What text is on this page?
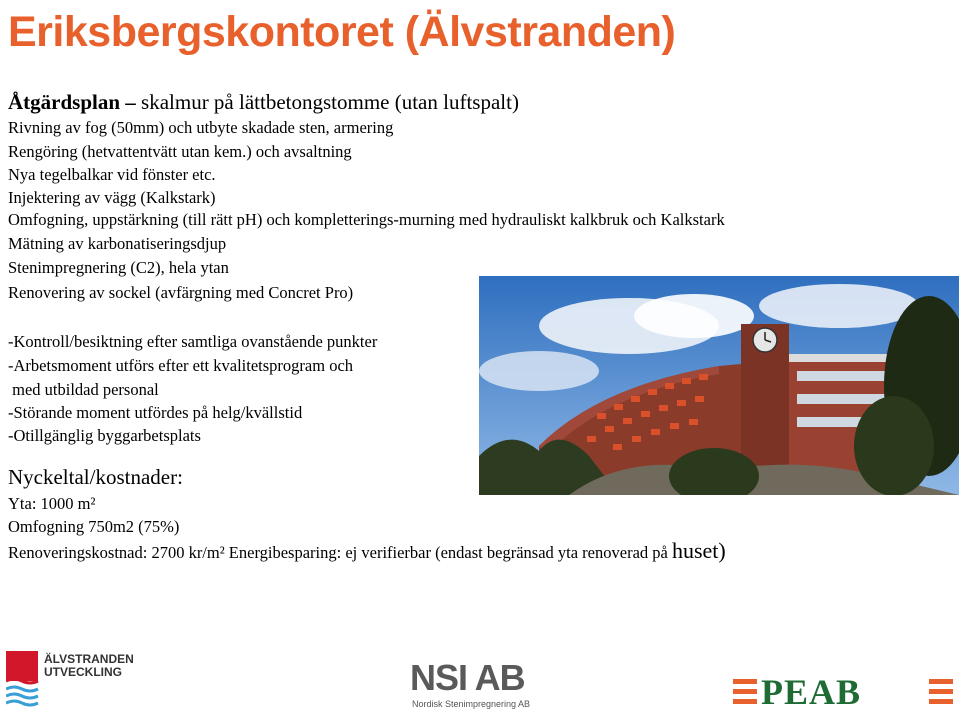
Eriksbergskontoret (Älvstranden)
Åtgärdsplan – skalmur på lättbetongstomme (utan luftspalt)
Rivning av fog (50mm) och utbyte skadade sten, armering
Rengöring (hetvattentvätt utan kem.) och avsaltning
Nya tegelbalkar vid fönster etc.
Injektering av vägg (Kalkstark)
Omfogning, uppstärkning (till rätt pH) och kompletterings-murning med hydrauliskt kalkbruk och Kalkstark
Mätning av karbonatiseringsdjup
Stenimpregnering (C2), hela ytan
Renovering av sockel (avfärgning med Concret Pro)
-Kontroll/besiktning efter samtliga ovanstående punkter
-Arbetsmoment utförs efter ett kvalitetsprogram och
med utbildad personal
-Störande moment utfördes på helg/kvällstid
-Otillgänglig byggarbetsplats
Nyckeltal/kostnader:
Yta: 1000 m²
Omfogning 750m2 (75%)
Renoveringskostnad: 2700 kr/m² Energibesparing: ej verifierbar (endast begränsad yta renoverad på huset)
ÄLVSTRANDEN
UTVECKLING	NSI AB
Nordisk Stenimpregnering AB	PEAB
